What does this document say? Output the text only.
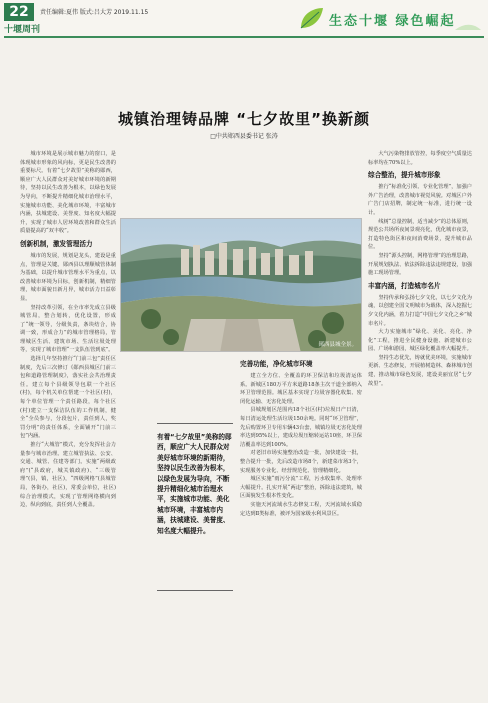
22
十堰周刊
责任编辑:夏伟 版式:吕大芳 2019.11.15
生态十堰 绿色崛起
城镇治理铸品牌 “七夕故里”换新颜
□中共郧西县委书记 张涛

城市环境是展示城市魅力的窗口，是体现城市形象的风向标，更是民生改善的重要标尺。有着“七夕故里”美称的郧西，顺应广大人民群众对美好城市环境的新期待，坚持以民生改善为根本，以绿色发展为导向，不断提升精细化城市治理水平，实施城市功能、美化城市环境，丰富城市内涵，扶城建设、美誉度、知名度大幅提升，实现了城市人居环境改善和群众生活质量提高的“双丰收”。

创新机制，激发管理活力

城市的发展，规划是龙头，建设是重点，管理是关键。郧西县以理顺城管体制为基础，以提升城市管理水平为重点，以改善城市环境为目标，创新机制，精细管理，城市面貌日新月异，城市活力日益彰显。

坚持改革引领，在全市率先成立县级城管局，整合划转，优化设置，形成了“统一领导，分级负责，条块结合，协调一致，形成合力”的城市管理格局，管理城区生活、建筑市场、生活垃圾处理等，实现了城市管理“一支队伍管到底”。

选择几年坚持推行“门前三包”责任区制度，先后三次修订《郧西县城区门前三包和道路管理制度》，落实社会共治理责任。建立每个县级领导包联一个社区(村)，每个机关单位帮建一个社区(村)，每个单位管理一个责任路段，每个社区(村)建立一支保洁队伍的工作机制，健全“全员参与，分段包片，责任到人，奖罚分明”的责任体系，全面铺开“门前三包”内涵。

推行“大城管”模式，充分发挥社会力量参与城市治理。建立城管执法、公安、交通、城管、住建等部门。实施“两级政府”(“县政府，城关镇政府)、“三级管理”(县，镇，社区)，“四级网格”(县城管局，各街办，社区)，常委会单位，社区)综合治理模式，实现了管理网络横向到边，纵向到底，责任到人全覆盖。

郧西县城全景。
有着“七夕故里”美称的郧西，顺应广大人民群众对美好城市环境的新期待，坚持以民生改善为根本，以绿色发展为导向，不断提升精细化城市治理水平，实施城市功能、美化城市环境，丰富城市内涵，扶城建设、美誉度、知名度大幅提升。

完善功能，净化城市环境

建立全方位、全覆盖的环卫保洁和垃圾清运体系。新城区180万平方米道路18条主次干道全部纳入环卫管理范围。城区基本实现了垃圾容器化收集、密闭化运输、无害化处理。

县城规划区范围内18个社区(村)垃圾日产日清，每日清运处理生活垃圾150余吨。同时“环卫管理”，先后购置环卫专用车辆43台套，城镇垃圾无害化处理率达到95%以上，建成垃圾压缩转运站10座，环卫保洁覆盖率达到100%。

对老旧市场实施整治改造一批，加快建设一批，整合提升一批，先后改造市场8个，新建菜市场3个，实现服务专业化、经营规范化、管理精细化。

城区实施“雨污分流”工程，污水收集率、处理率大幅提升。扎实开展“两违”整治，拆除违法建筑，城区面貌发生根本性变化。

实施天河流域水生态修复工程，天河流域水质稳定达到Ⅱ类标准，被评为国家级水利风景区。

大气污染物排放管控，每季度空气质量达标率均在70%以上。

综合整治，提升城市形象

推行“标准化引领、专业化管理”，加强户外广告治理，改善城市视觉风貌。对城区户外广告门店招牌，制定统一标准，进行统一设计。

线树“总量控制，适当减少”的总体原则，规范公共场所夜间景观亮化，优化城市夜景，打造特色街区和夜间消费场景，提升城市品位。

坚持“源头控制，网格管理”的治理思路，开展规划执法、依法拆除违法违规建设，加强施工现场管理。

丰富内涵，打造城市名片

坚持传承和弘扬七夕文化，以七夕文化为魂，以创建全国文明城市为载体，深入挖掘七夕文化内涵，着力打造“中国七夕文化之乡”城市名片。

大力实施城市“绿化、美化、亮化、净化”工程，推进全民健身设施、新建城市公园、广场和游园，城区绿化覆盖率大幅提升。

坚持生态优先，铸就优美环境，实施城市更新、生态修复，开展植树造林、森林城市创建，推动城市绿色发展，建设美丽宜居“七夕故里”。
